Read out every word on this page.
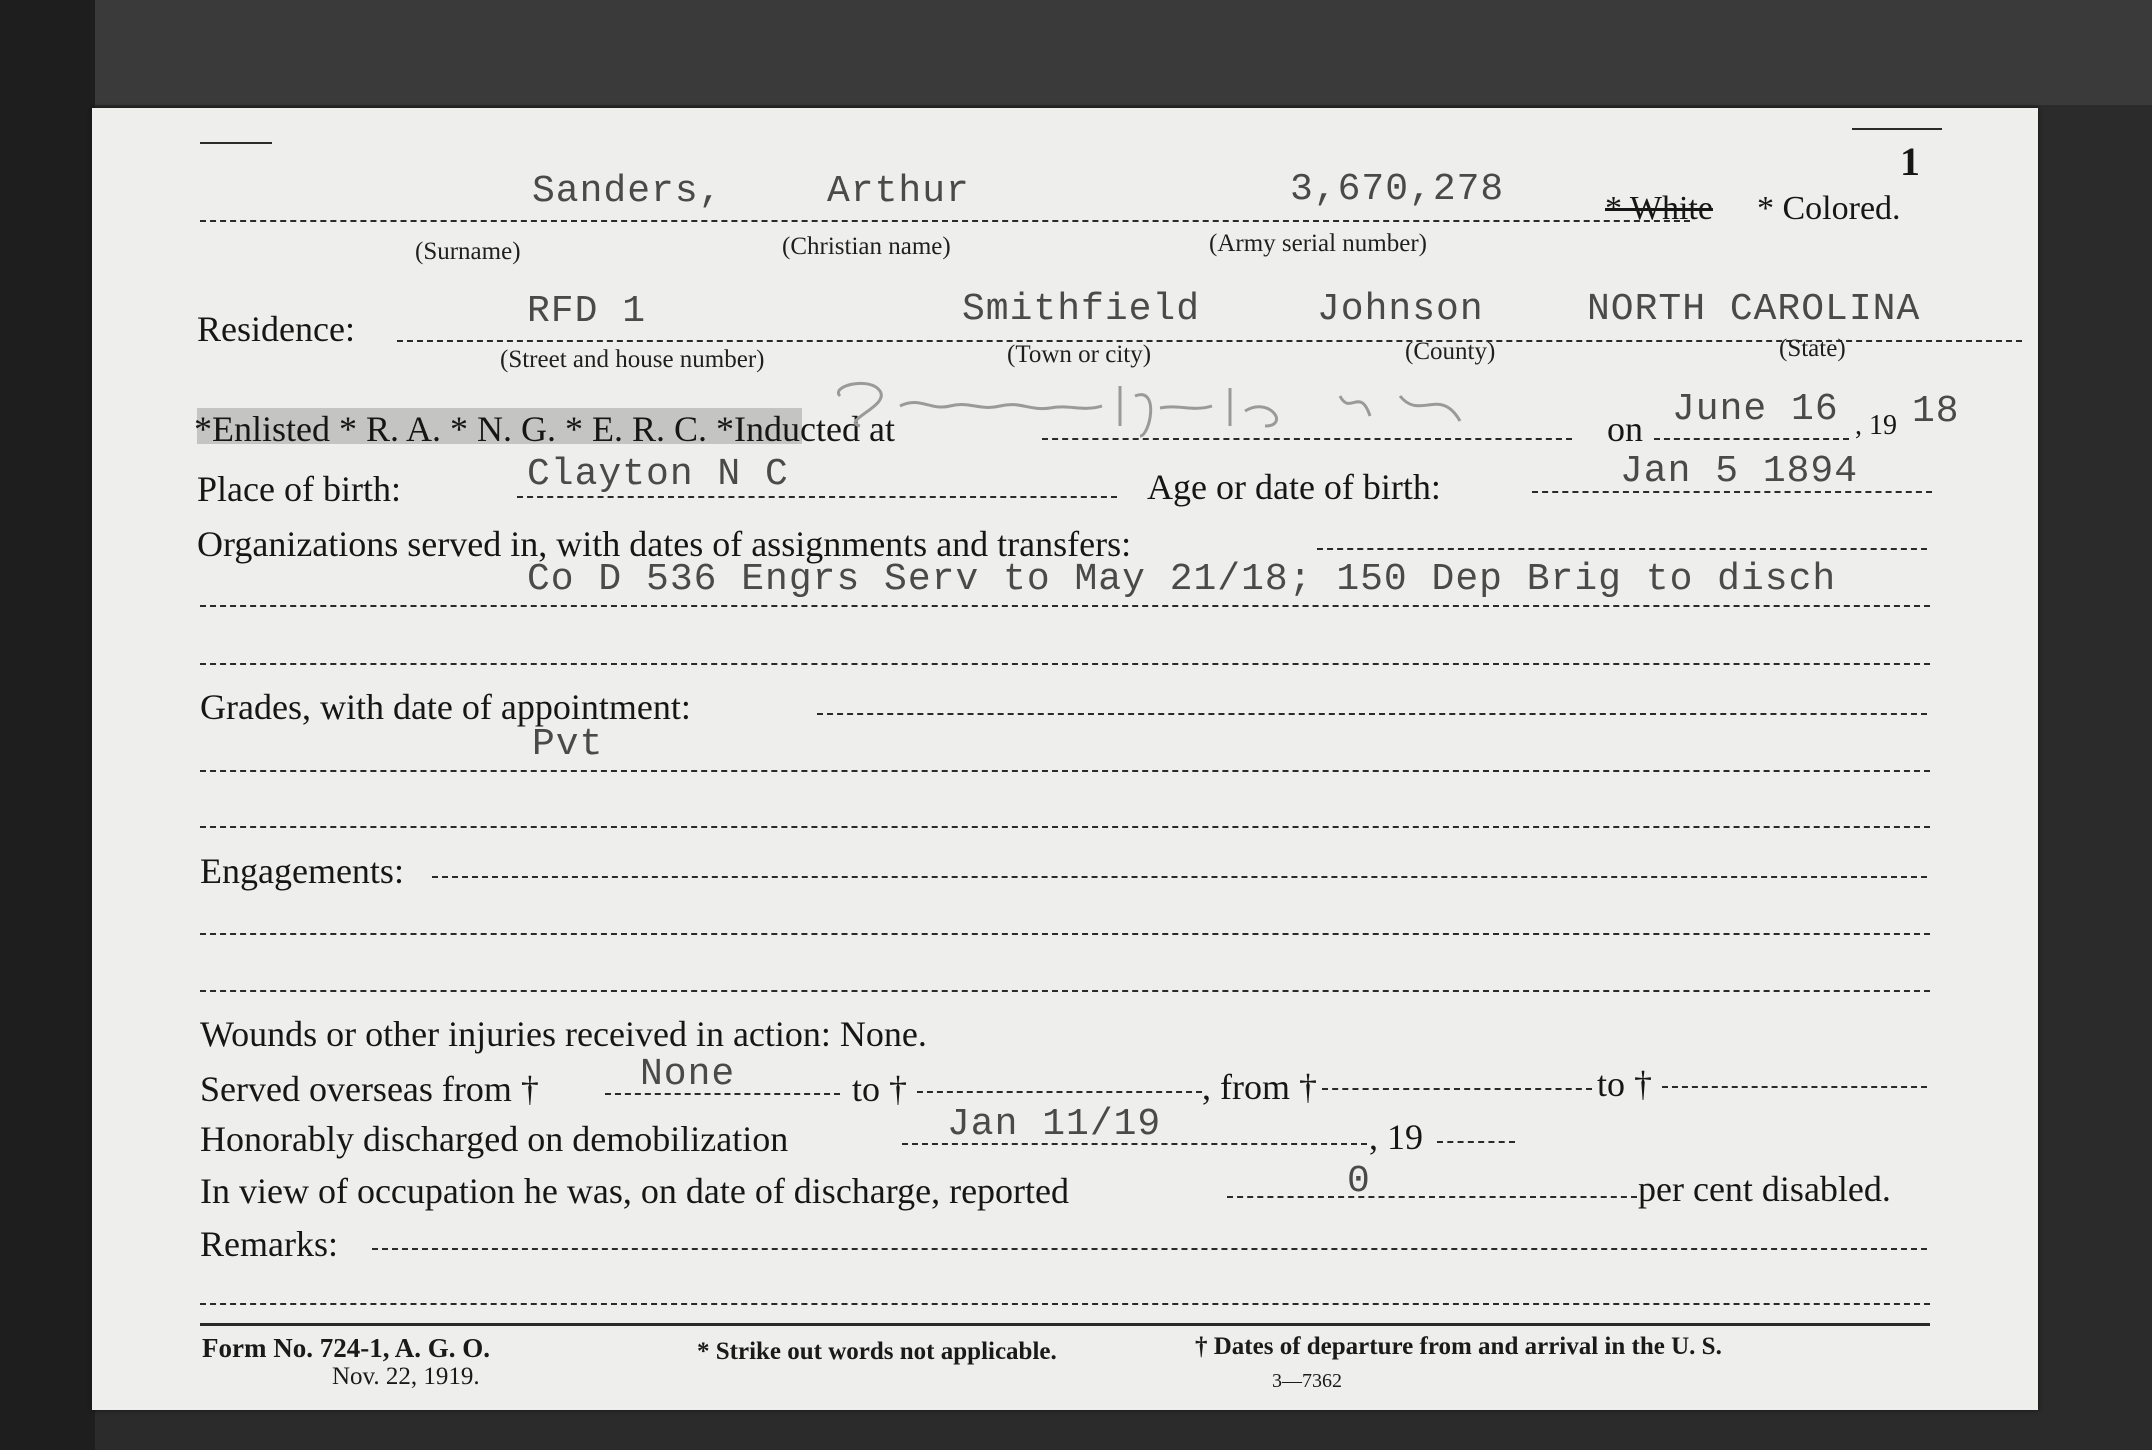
1
Sanders,	Arthur	3,670,278	* White * Colored.
(Surname)	(Christian name)	(Army serial number)
Residence:	RFD 1	Smithfield	Johnson	NORTH CAROLINA
(Street and house number)	(Town or city)	(County)	(State)
*Enlisted * R. A. * N. G. * E. R. C. *Inducted at	on June 16 , 19 18
Place of birth:	Clayton N C	Age or date of birth:	Jan 5 1894
Organizations served in, with dates of assignments and transfers:
Co D 536 Engrs Serv to May 21/18; 150 Dep Brig to disch
Grades, with date of appointment:
Pvt
Engagements:
Wounds or other injuries received in action: None.
Served overseas from †	None	to †	, from †	to †
Honorably discharged on demobilization	Jan 11/19	, 19
In view of occupation he was, on date of discharge, reported	0	per cent disabled.
Remarks:
Form No. 724-1, A. G. O.
Nov. 22, 1919.
* Strike out words not applicable.	† Dates of departure from and arrival in the U. S.
3—7362
